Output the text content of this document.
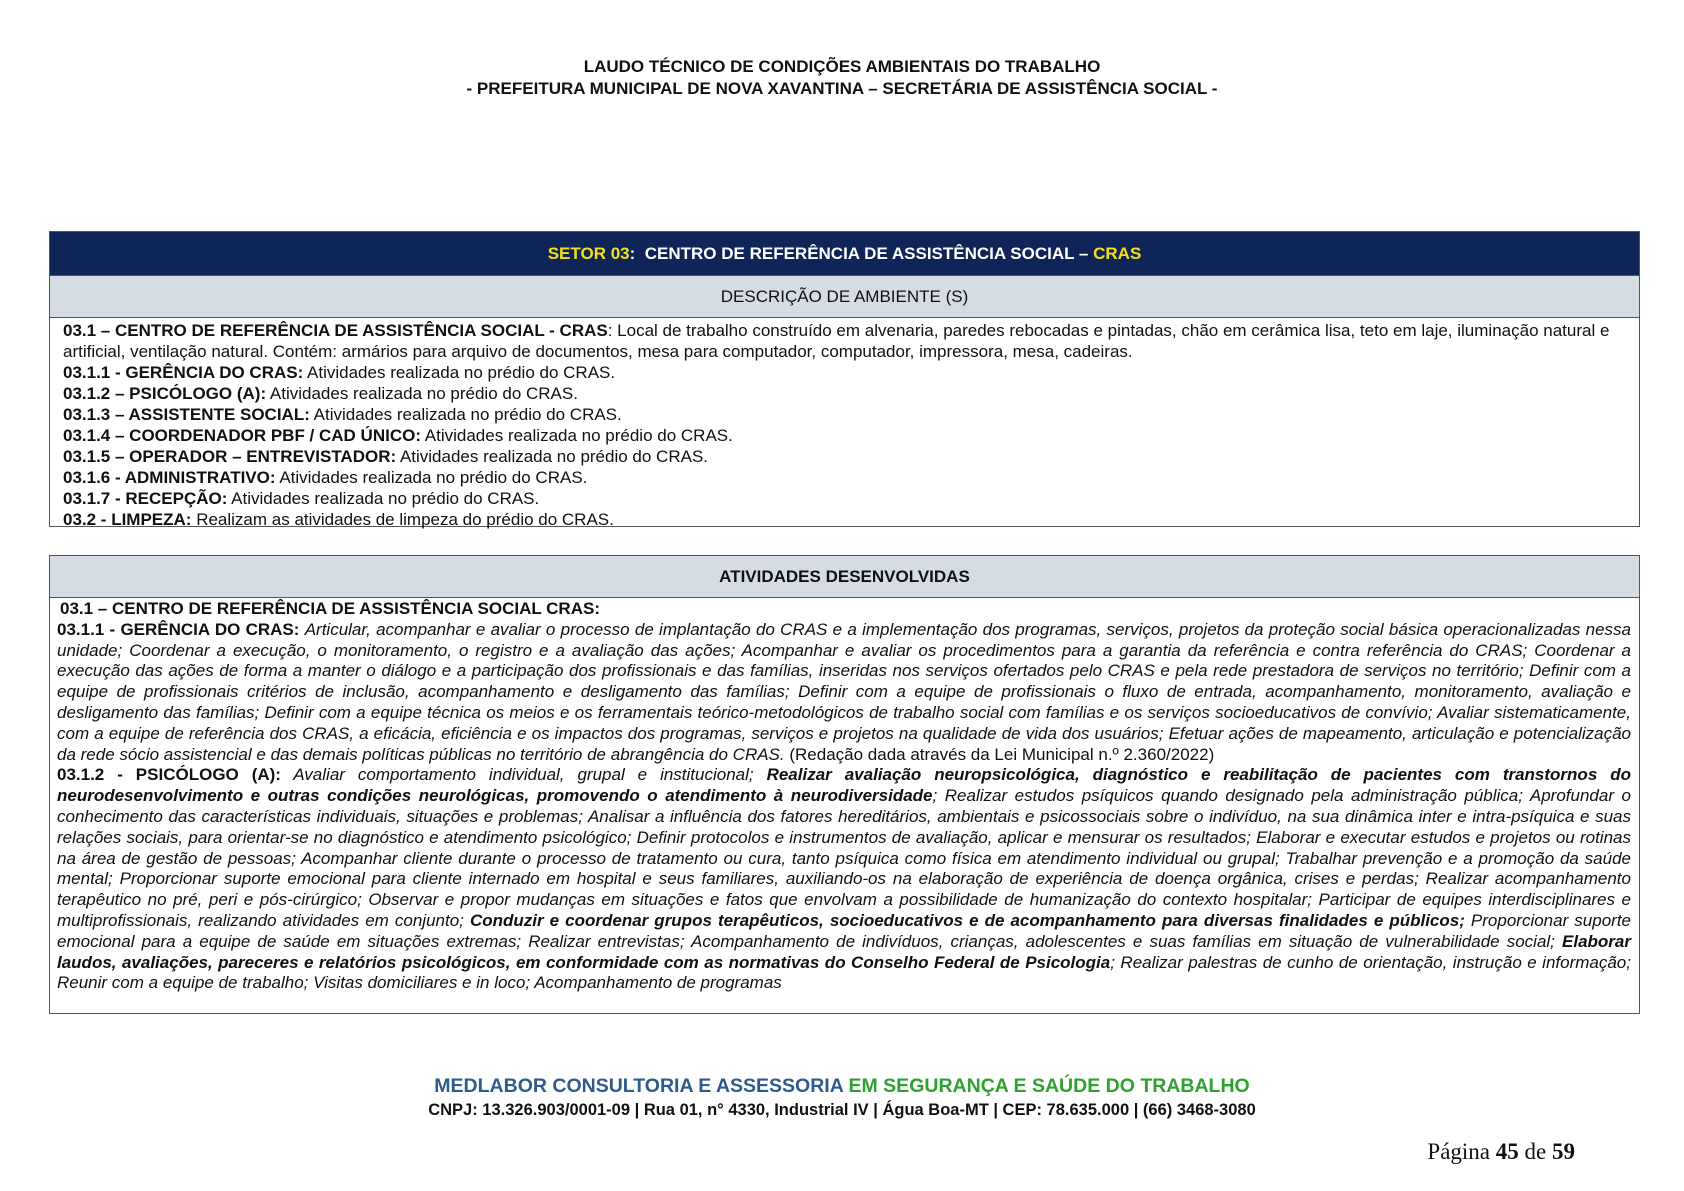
LAUDO TÉCNICO DE CONDIÇÕES AMBIENTAIS DO TRABALHO
- PREFEITURA MUNICIPAL DE NOVA XAVANTINA – SECRETÁRIA DE ASSISTÊNCIA SOCIAL -
SETOR 03 :
CENTRO DE REFERÊNCIA DE ASSISTÊNCIA SOCIAL –
CRAS
DESCRIÇÃO DE AMBIENTE (S)

03.1 – CENTRO DE REFERÊNCIA DE ASSISTÊNCIA SOCIAL - CRAS: Local de trabalho construído em alvenaria, paredes rebocadas e pintadas, chão em cerâmica lisa, teto em laje, iluminação natural e artificial, ventilação natural. Contém: armários para arquivo de documentos, mesa para computador, computador, impressora, mesa, cadeiras.

03.1.1 - GERÊNCIA DO CRAS: Atividades realizada no prédio do CRAS.

03.1.2 – PSICÓLOGO (A): Atividades realizada no prédio do CRAS.

03.1.3 – ASSISTENTE SOCIAL: Atividades realizada no prédio do CRAS.

03.1.4 – COORDENADOR PBF / CAD ÚNICO: Atividades realizada no prédio do CRAS.

03.1.5 – OPERADOR – ENTREVISTADOR: Atividades realizada no prédio do CRAS.

03.1.6 - ADMINISTRATIVO: Atividades realizada no prédio do CRAS.

03.1.7 - RECEPÇÃO: Atividades realizada no prédio do CRAS.

03.2 - LIMPEZA: Realizam as atividades de limpeza do prédio do CRAS.

ATIVIDADES DESENVOLVIDAS

03.1 – CENTRO DE REFERÊNCIA DE ASSISTÊNCIA SOCIAL CRAS:

03.1.1 - GERÊNCIA DO CRAS: Articular, acompanhar e avaliar o processo de implantação do CRAS e a implementação dos programas, serviços, projetos da proteção social básica operacionalizadas nessa unidade; Coordenar a execução, o monitoramento, o registro e a avaliação das ações; Acompanhar e avaliar os procedimentos para a garantia da referência e contra referência do CRAS; Coordenar a execução das ações de forma a manter o diálogo e a participação dos profissionais e das famílias, inseridas nos serviços ofertados pelo CRAS e pela rede prestadora de serviços no território; Definir com a equipe de profissionais critérios de inclusão, acompanhamento e desligamento das famílias; Definir com a equipe de profissionais o fluxo de entrada, acompanhamento, monitoramento, avaliação e desligamento das famílias; Definir com a equipe técnica os meios e os ferramentais teórico-metodológicos de trabalho social com famílias e os serviços socioeducativos de convívio; Avaliar sistematicamente, com a equipe de referência dos CRAS, a eficácia, eficiência e os impactos dos programas, serviços e projetos na qualidade de vida dos usuários; Efetuar ações de mapeamento, articulação e potencialização da rede sócio assistencial e das demais políticas públicas no território de abrangência do CRAS. (Redação dada através da Lei Municipal n.º 2.360/2022)

03.1.2 - PSICÓLOGO (A): Avaliar comportamento individual, grupal e institucional; Realizar avaliação neuropsicológica, diagnóstico e reabilitação de pacientes com transtornos do neurodesenvolvimento e outras condições neurológicas, promovendo o atendimento à neurodiversidade; Realizar estudos psíquicos quando designado pela administração pública; Aprofundar o conhecimento das características individuais, situações e problemas; Analisar a influência dos fatores hereditários, ambientais e psicossociais sobre o indivíduo, na sua dinâmica inter e intra-psíquica e suas relações sociais, para orientar-se no diagnóstico e atendimento psicológico; Definir protocolos e instrumentos de avaliação, aplicar e mensurar os resultados; Elaborar e executar estudos e projetos ou rotinas na área de gestão de pessoas; Acompanhar cliente durante o processo de tratamento ou cura, tanto psíquica como física em atendimento individual ou grupal; Trabalhar prevenção e a promoção da saúde mental; Proporcionar suporte emocional para cliente internado em hospital e seus familiares, auxiliando-os na elaboração de experiência de doença orgânica, crises e perdas; Realizar acompanhamento terapêutico no pré, peri e pós-cirúrgico; Observar e propor mudanças em situações e fatos que envolvam a possibilidade de humanização do contexto hospitalar; Participar de equipes interdisciplinares e multiprofissionais, realizando atividades em conjunto; Conduzir e coordenar grupos terapêuticos, socioeducativos e de acompanhamento para diversas finalidades e públicos; Proporcionar suporte emocional para a equipe de saúde em situações extremas; Realizar entrevistas; Acompanhamento de indivíduos, crianças, adolescentes e suas famílias em situação de vulnerabilidade social; Elaborar laudos, avaliações, pareceres e relatórios psicológicos, em conformidade com as normativas do Conselho Federal de Psicologia; Realizar palestras de cunho de orientação, instrução e informação; Reunir com a equipe de trabalho; Visitas domiciliares e in loco; Acompanhamento de programas

MEDLABOR CONSULTORIA E ASSESSORIA EM SEGURANÇA E SAÚDE DO TRABALHO
CNPJ: 13.326.903/0001-09 | Rua 01, n° 4330, Industrial IV | Água Boa-MT | CEP: 78.635.000 | (66) 3468-3080
Página 45 de 59
